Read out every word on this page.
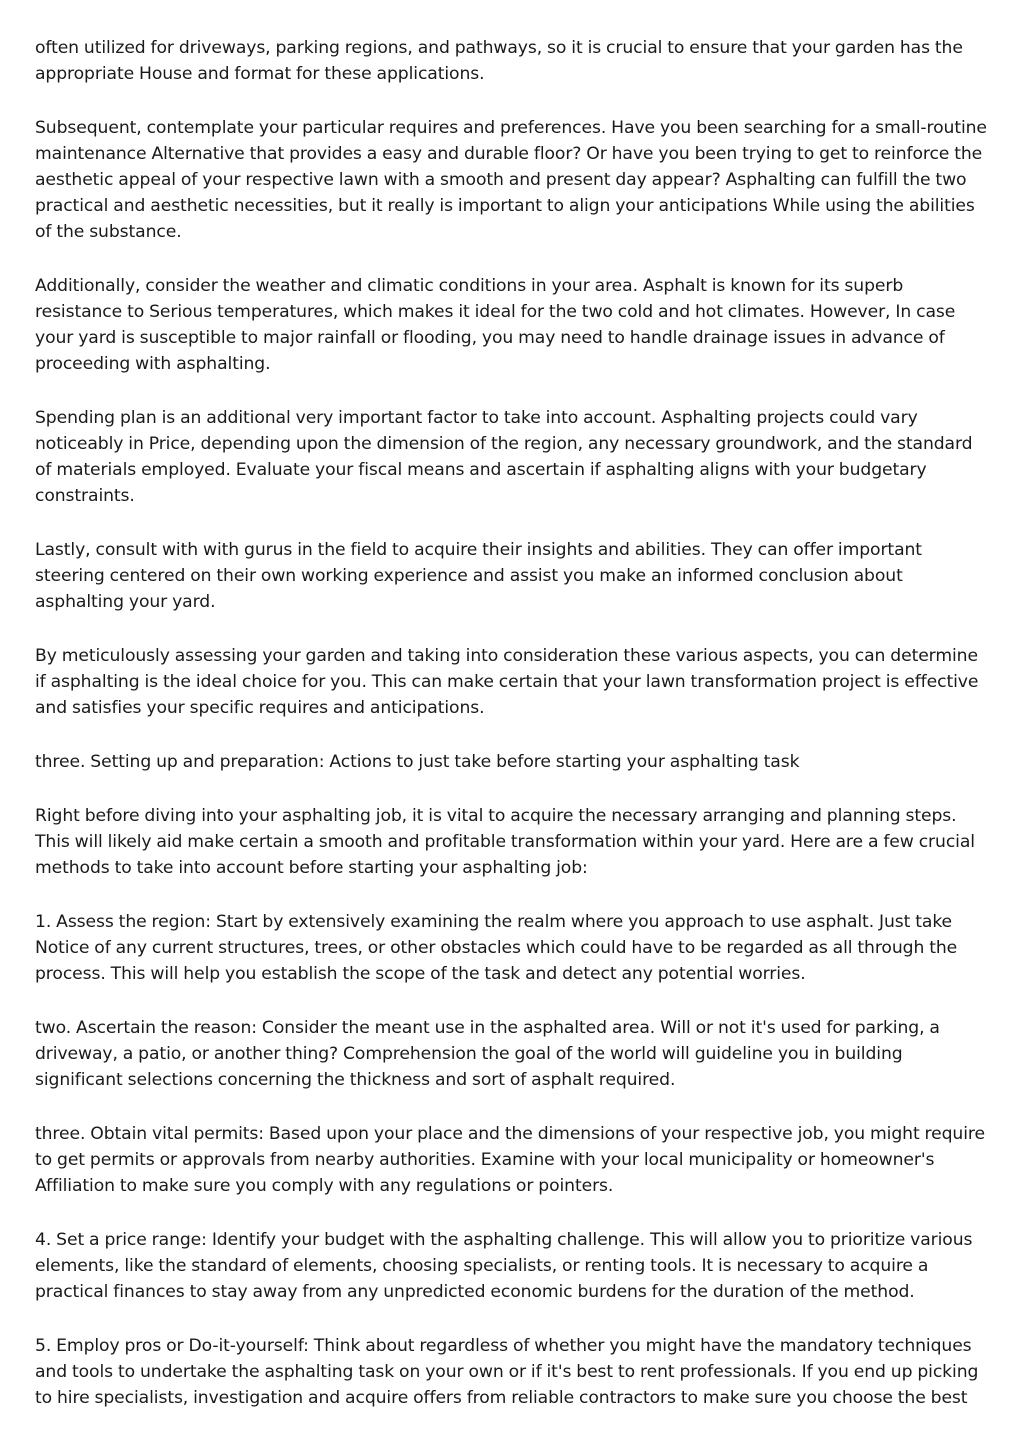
often utilized for driveways, parking regions, and pathways, so it is crucial to ensure that your garden has the appropriate House and format for these applications.

Subsequent, contemplate your particular requires and preferences. Have you been searching for a small-routine maintenance Alternative that provides a easy and durable floor? Or have you been trying to get to reinforce the aesthetic appeal of your respective lawn with a smooth and present day appear? Asphalting can fulfill the two practical and aesthetic necessities, but it really is important to align your anticipations While using the abilities of the substance.

Additionally, consider the weather and climatic conditions in your area. Asphalt is known for its superb resistance to Serious temperatures, which makes it ideal for the two cold and hot climates. However, In case your yard is susceptible to major rainfall or flooding, you may need to handle drainage issues in advance of proceeding with asphalting.

Spending plan is an additional very important factor to take into account. Asphalting projects could vary noticeably in Price, depending upon the dimension of the region, any necessary groundwork, and the standard of materials employed. Evaluate your fiscal means and ascertain if asphalting aligns with your budgetary constraints.

Lastly, consult with with gurus in the field to acquire their insights and abilities. They can offer important steering centered on their own working experience and assist you make an informed conclusion about asphalting your yard.

By meticulously assessing your garden and taking into consideration these various aspects, you can determine if asphalting is the ideal choice for you. This can make certain that your lawn transformation project is effective and satisfies your specific requires and anticipations.

three. Setting up and preparation: Actions to just take before starting your asphalting task

Right before diving into your asphalting job, it is vital to acquire the necessary arranging and planning steps. This will likely aid make certain a smooth and profitable transformation within your yard. Here are a few crucial methods to take into account before starting your asphalting job:

1. Assess the region: Start by extensively examining the realm where you approach to use asphalt. Just take Notice of any current structures, trees, or other obstacles which could have to be regarded as all through the process. This will help you establish the scope of the task and detect any potential worries.

two. Ascertain the reason: Consider the meant use in the asphalted area. Will or not it's used for parking, a driveway, a patio, or another thing? Comprehension the goal of the world will guideline you in building significant selections concerning the thickness and sort of asphalt required.

three. Obtain vital permits: Based upon your place and the dimensions of your respective job, you might require to get permits or approvals from nearby authorities. Examine with your local municipality or homeowner's Affiliation to make sure you comply with any regulations or pointers.

4. Set a price range: Identify your budget with the asphalting challenge. This will allow you to prioritize various elements, like the standard of elements, choosing specialists, or renting tools. It is necessary to acquire a practical finances to stay away from any unpredicted economic burdens for the duration of the method.

5. Employ pros or Do-it-yourself: Think about regardless of whether you might have the mandatory techniques and tools to undertake the asphalting task on your own or if it's best to rent professionals. If you end up picking to hire specialists, investigation and acquire offers from reliable contractors to make sure you choose the best
